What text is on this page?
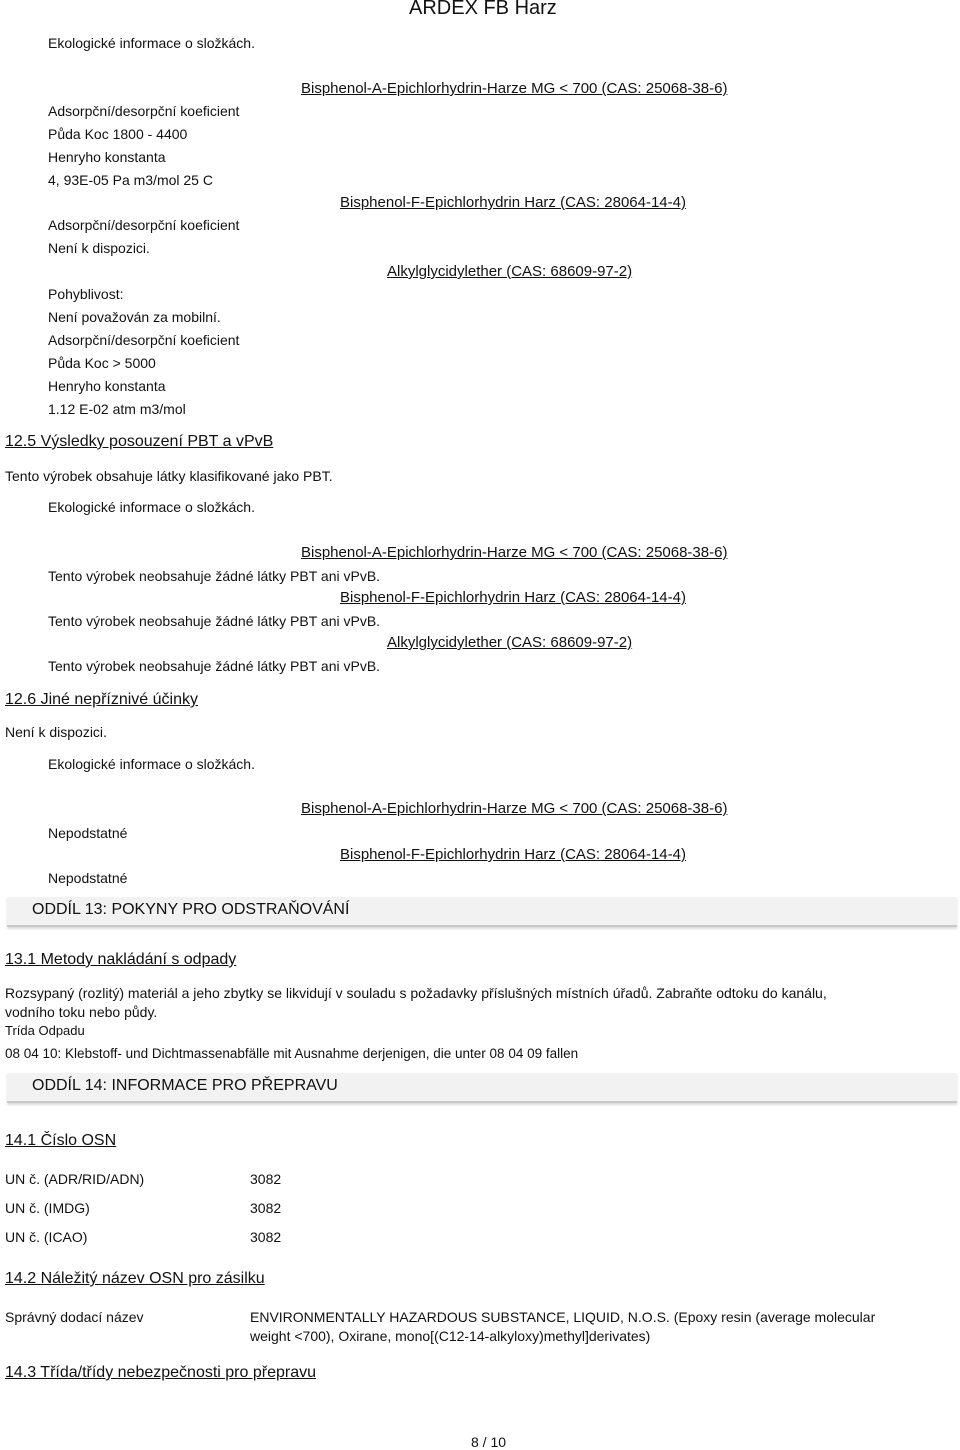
ARDEX FB Harz
Ekologické informace o složkách.
Adsorpční/desorpční koeficient
Půda Koc 1800 - 4400
Henryho konstanta
4, 93E-05 Pa m3/mol 25 C
Adsorpční/desorpční koeficient
Není k dispozici.
Pohyblivost:
Není považován za mobilní.
Adsorpční/desorpční koeficient
Půda Koc > 5000
Henryho konstanta
1.12 E-02 atm m3/mol
Bisphenol-A-Epichlorhydrin-Harze MG < 700 (CAS: 25068-38-6)
Bisphenol-F-Epichlorhydrin Harz (CAS: 28064-14-4)
Alkylglycidylether (CAS: 68609-97-2)
12.5 Výsledky posouzení PBT a vPvB
Tento výrobek obsahuje látky klasifikované jako PBT.
Ekologické informace o složkách.
Bisphenol-A-Epichlorhydrin-Harze MG < 700 (CAS: 25068-38-6)
Tento výrobek neobsahuje žádné látky PBT ani vPvB.
Bisphenol-F-Epichlorhydrin Harz (CAS: 28064-14-4)
Tento výrobek neobsahuje žádné látky PBT ani vPvB.
Alkylglycidylether (CAS: 68609-97-2)
Tento výrobek neobsahuje žádné látky PBT ani vPvB.
12.6 Jiné nepříznivé účinky
Není k dispozici.
Ekologické informace o složkách.
Bisphenol-A-Epichlorhydrin-Harze MG < 700 (CAS: 25068-38-6)
Nepodstatné
Bisphenol-F-Epichlorhydrin Harz (CAS: 28064-14-4)
Nepodstatné
ODDÍL 13: POKYNY PRO ODSTRAŇOVÁNÍ
13.1 Metody nakládání s odpady
Rozsypaný (rozlitý) materiál a jeho zbytky se likvidují v souladu s požadavky příslušných místních úřadů. Zabraňte odtoku do kanálu,
vodního toku nebo půdy.
Trída Odpadu
08 04 10: Klebstoff- und Dichtmassenabfälle mit Ausnahme derjenigen, die unter 08 04 09 fallen
ODDÍL 14: INFORMACE PRO PŘEPRAVU
14.1 Číslo OSN
UN č. (ADR/RID/ADN)	3082
UN č. (IMDG)	3082
UN č. (ICAO)	3082
14.2 Náležitý název OSN pro zásilku
Správný dodací název	ENVIRONMENTALLY HAZARDOUS SUBSTANCE, LIQUID, N.O.S. (Epoxy resin (average molecular
weight <700), Oxirane, mono[(C12-14-alkyloxy)methyl]derivates)
14.3 Třída/třídy nebezpečnosti pro přepravu
8 / 10
